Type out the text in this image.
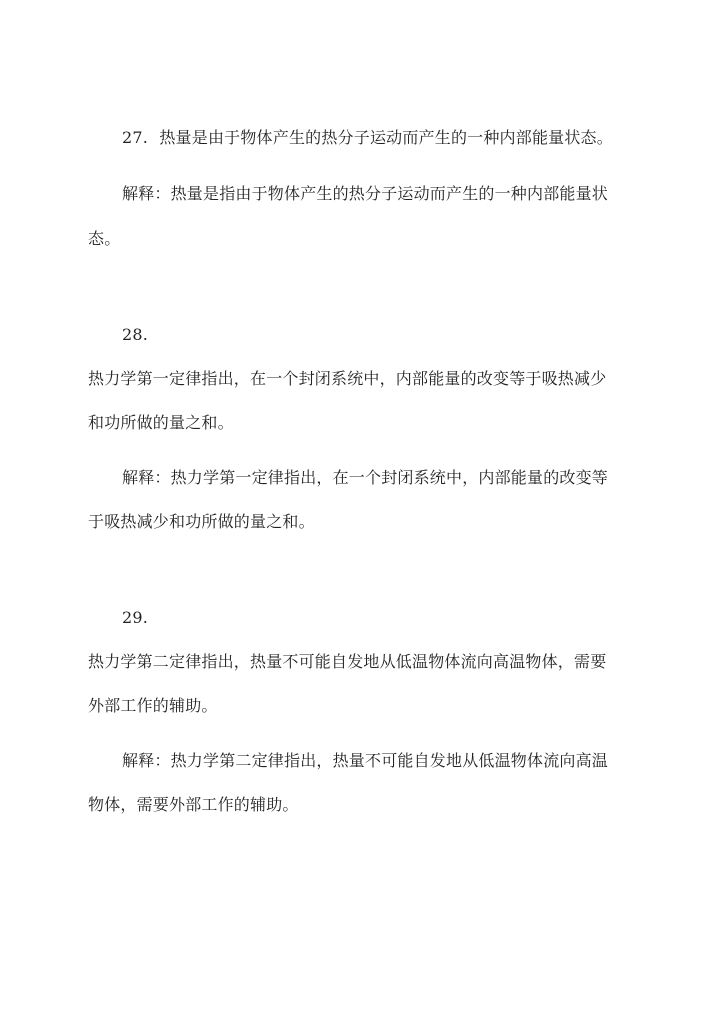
27. 热量是由于物体产生的热分子运动而产生的一种内部能量状态。
解释：热量是指由于物体产生的热分子运动而产生的一种内部能量状
态。
28.
热力学第一定律指出，在一个封闭系统中，内部能量的改变等于吸热减少
和功所做的量之和。
解释：热力学第一定律指出，在一个封闭系统中，内部能量的改变等
于吸热减少和功所做的量之和。
29.
热力学第二定律指出，热量不可能自发地从低温物体流向高温物体，需要
外部工作的辅助。
解释：热力学第二定律指出，热量不可能自发地从低温物体流向高温
物体，需要外部工作的辅助。
